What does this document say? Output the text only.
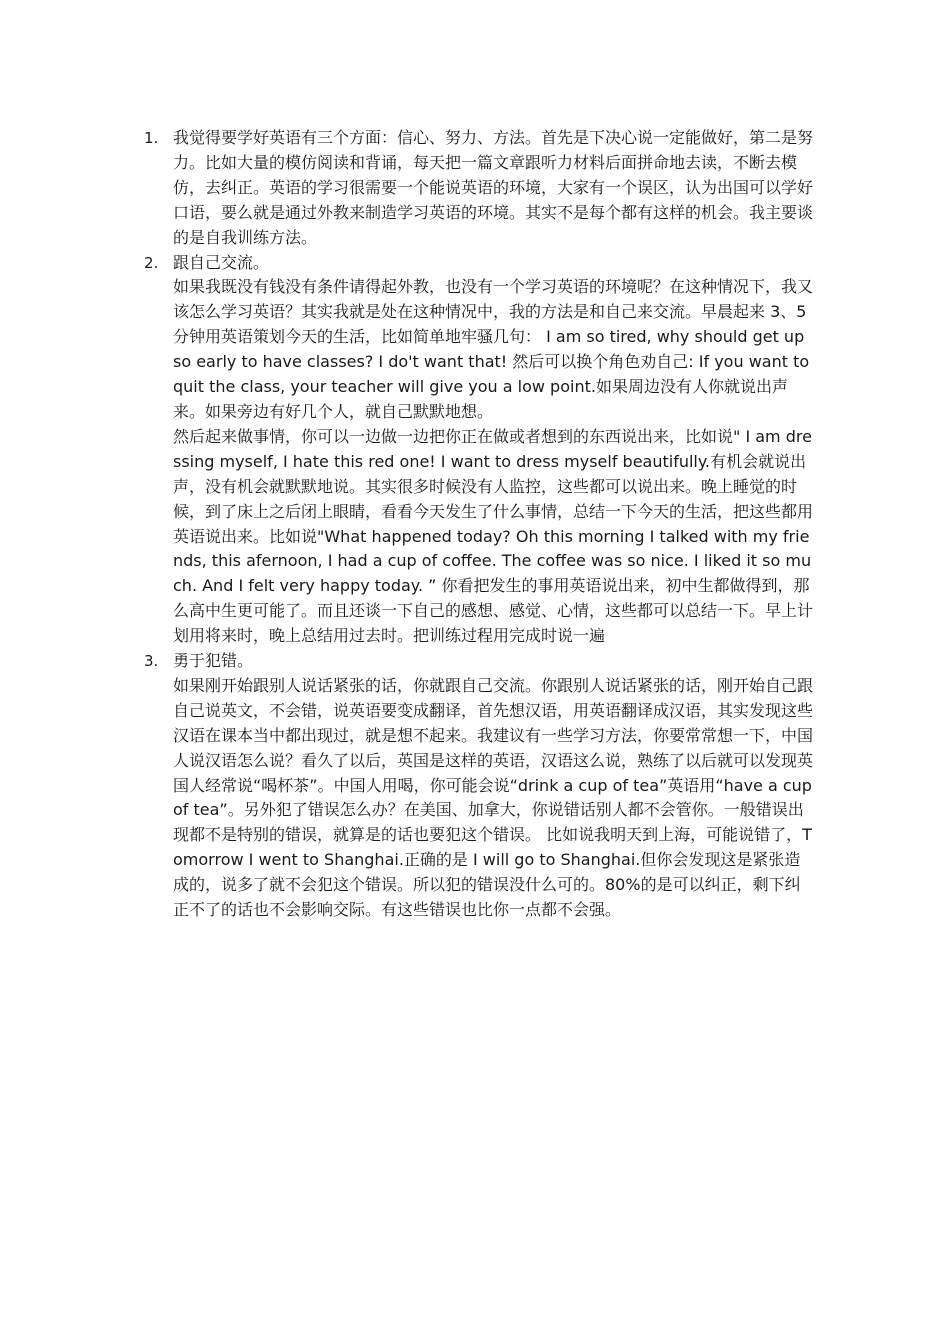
1. 我觉得要学好英语有三个方面：信心、努力、方法。首先是下决心说一定能做好，第二是努力。比如大量的模仿阅读和背诵，每天把一篇文章跟听力材料后面拼命地去读，不断去模仿，去纠正。英语的学习很需要一个能说英语的环境，大家有一个误区，认为出国可以学好口语，要么就是通过外教来制造学习英语的环境。其实不是每个都有这样的机会。我主要谈的是自我训练方法。

2. 跟自己交流。

如果我既没有钱没有条件请得起外教，也没有一个学习英语的环境呢？在这种情况下，我又该怎么学习英语？其实我就是处在这种情况中，我的方法是和自己来交流。早晨起来 3、5 分钟用英语策划今天的生活，比如简单地牢骚几句： I am so tired, why should get up so early to have classes? I do't want that! 然后可以换个角色劝自己: If you want to quit the class, your teacher will give you a low point.如果周边没有人你就说出声来。如果旁边有好几个人，就自己默默地想。

然后起来做事情，你可以一边做一边把你正在做或者想到的东西说出来，比如说" I am dressing myself, I hate this red one! I want to dress myself beautifully.有机会就说出声，没有机会就默默地说。其实很多时候没有人监控，这些都可以说出来。晚上睡觉的时候，到了床上之后闭上眼睛，看看今天发生了什么事情，总结一下今天的生活，把这些都用英语说出来。比如说"What happened today? Oh this morning I talked with my friends, this afernoon, I had a cup of coffee. The coffee was so nice. I liked it so much. And I felt very happy today. ” 你看把发生的事用英语说出来，初中生都做得到，那么高中生更可能了。而且还谈一下自己的感想、感觉、心情，这些都可以总结一下。早上计划用将来时，晚上总结用过去时。把训练过程用完成时说一遍

3. 勇于犯错。

如果刚开始跟别人说话紧张的话，你就跟自己交流。你跟别人说话紧张的话，刚开始自己跟自己说英文，不会错，说英语要变成翻译，首先想汉语，用英语翻译成汉语，其实发现这些汉语在课本当中都出现过，就是想不起来。我建议有一些学习方法，你要常常想一下，中国人说汉语怎么说？看久了以后，英国是这样的英语，汉语这么说，熟练了以后就可以发现英国人经常说“喝杯茶”。中国人用喝，你可能会说“drink a cup of tea”英语用“have a cup of tea”。另外犯了错误怎么办？在美国、加拿大，你说错话别人都不会管你。一般错误出现都不是特别的错误，就算是的话也要犯这个错误。 比如说我明天到上海，可能说错了，Tomorrow I went to Shanghai.正确的是 I will go to Shanghai.但你会发现这是紧张造成的，说多了就不会犯这个错误。所以犯的错误没什么可的。80%的是可以纠正，剩下纠正不了的话也不会影响交际。有这些错误也比你一点都不会强。
